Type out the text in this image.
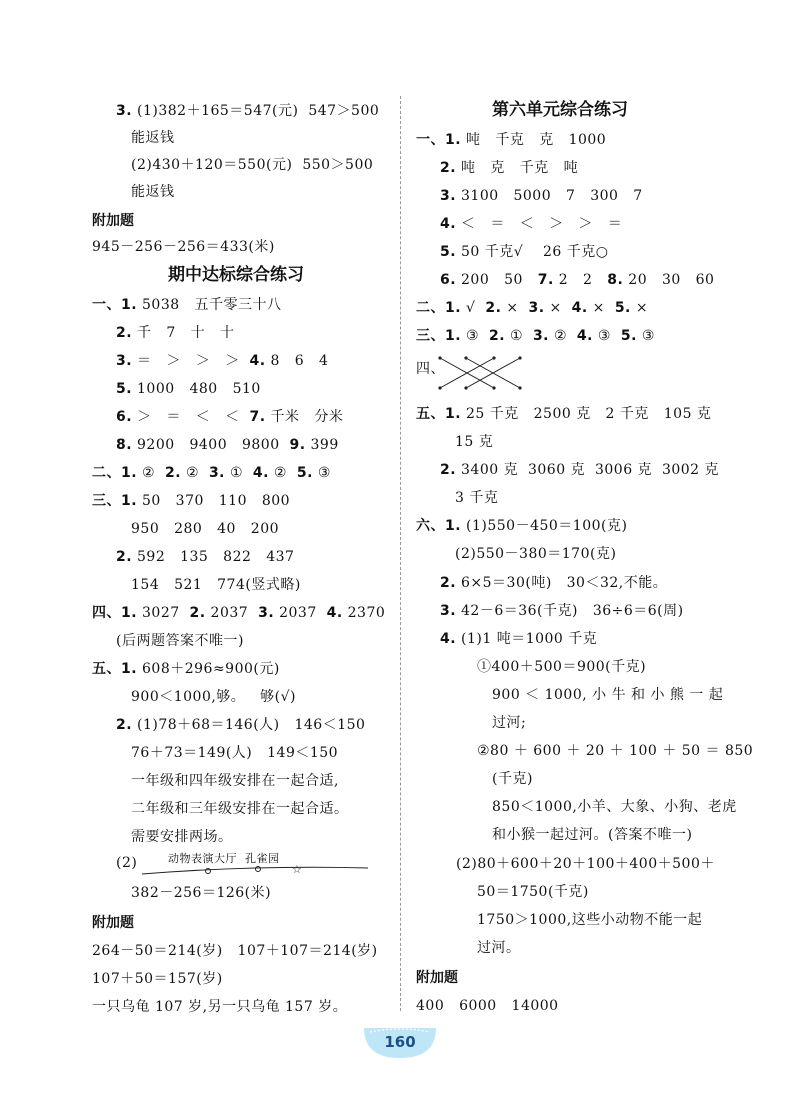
3. (1)382＋165＝547(元)  547＞500
能返钱
(2)430＋120＝550(元)  550＞500
能返钱
附加题
945－256－256＝433(米)
期中达标综合练习
一、1. 5038   五千零三十八
2. 千   7   十   十
3. ＝   ＞   ＞   ＞  4. 8   6   4
5. 1000   480   510
6. ＞   ＝   ＜   ＜  7. 千米   分米
8. 9200   9400   9800  9. 399
二、1. ②  2. ②  3. ①  4. ②  5. ③
三、1. 50   370   110   800
950   280   40   200
2. 592   135   822   437
154   521   774(竖式略)
四、1. 3027  2. 2037  3. 2037  4. 2370
(后两题答案不唯一)
五、1. 608＋296≈900(元)
900＜1000,够。   够(√)
2. (1)78＋68＝146(人)   146＜150
76＋73＝149(人)   149＜150
一年级和四年级安排在一起合适,
二年级和三年级安排在一起合适。
需要安排两场。
(2)	动物表演大厅  孔雀园
☆
382－256＝126(米)
附加题
264－50＝214(岁)   107＋107＝214(岁)
107＋50＝157(岁)
一只乌龟 107 岁,另一只乌龟 157 岁。
第六单元综合练习
一、1. 吨   千克   克   1000
2. 吨   克   千克   吨
3. 3100   5000   7   300   7
4. ＜   ＝   ＜   ＞   ＞   ＝
5. 50 千克√    26 千克○
6. 200   50   7. 2   2   8. 20   30   60
二、1. √  2. ×  3. ×  4. ×  5. ×
三、1. ③  2. ①  3. ②  4. ③  5. ③
四、
五、1. 25 千克   2500 克   2 千克   105 克
15 克
2. 3400 克  3060 克  3006 克  3002 克
3 千克
六、1. (1)550－450＝100(克)
(2)550－380＝170(克)
2. 6×5＝30(吨)   30＜32,不能。
3. 42－6＝36(千克)   36÷6＝6(周)
4. (1)1 吨＝1000 千克
①400＋500＝900(千克)
900 ＜ 1000, 小 牛 和 小 熊 一 起
过河;
②80 ＋ 600 ＋ 20 ＋ 100 ＋ 50 ＝ 850
(千克)
850＜1000,小羊、大象、小狗、老虎
和小猴一起过河。(答案不唯一)
(2)80＋600＋20＋100＋400＋500＋
50＝1750(千克)
1750＞1000,这些小动物不能一起
过河。
附加题
400   6000   14000
160
